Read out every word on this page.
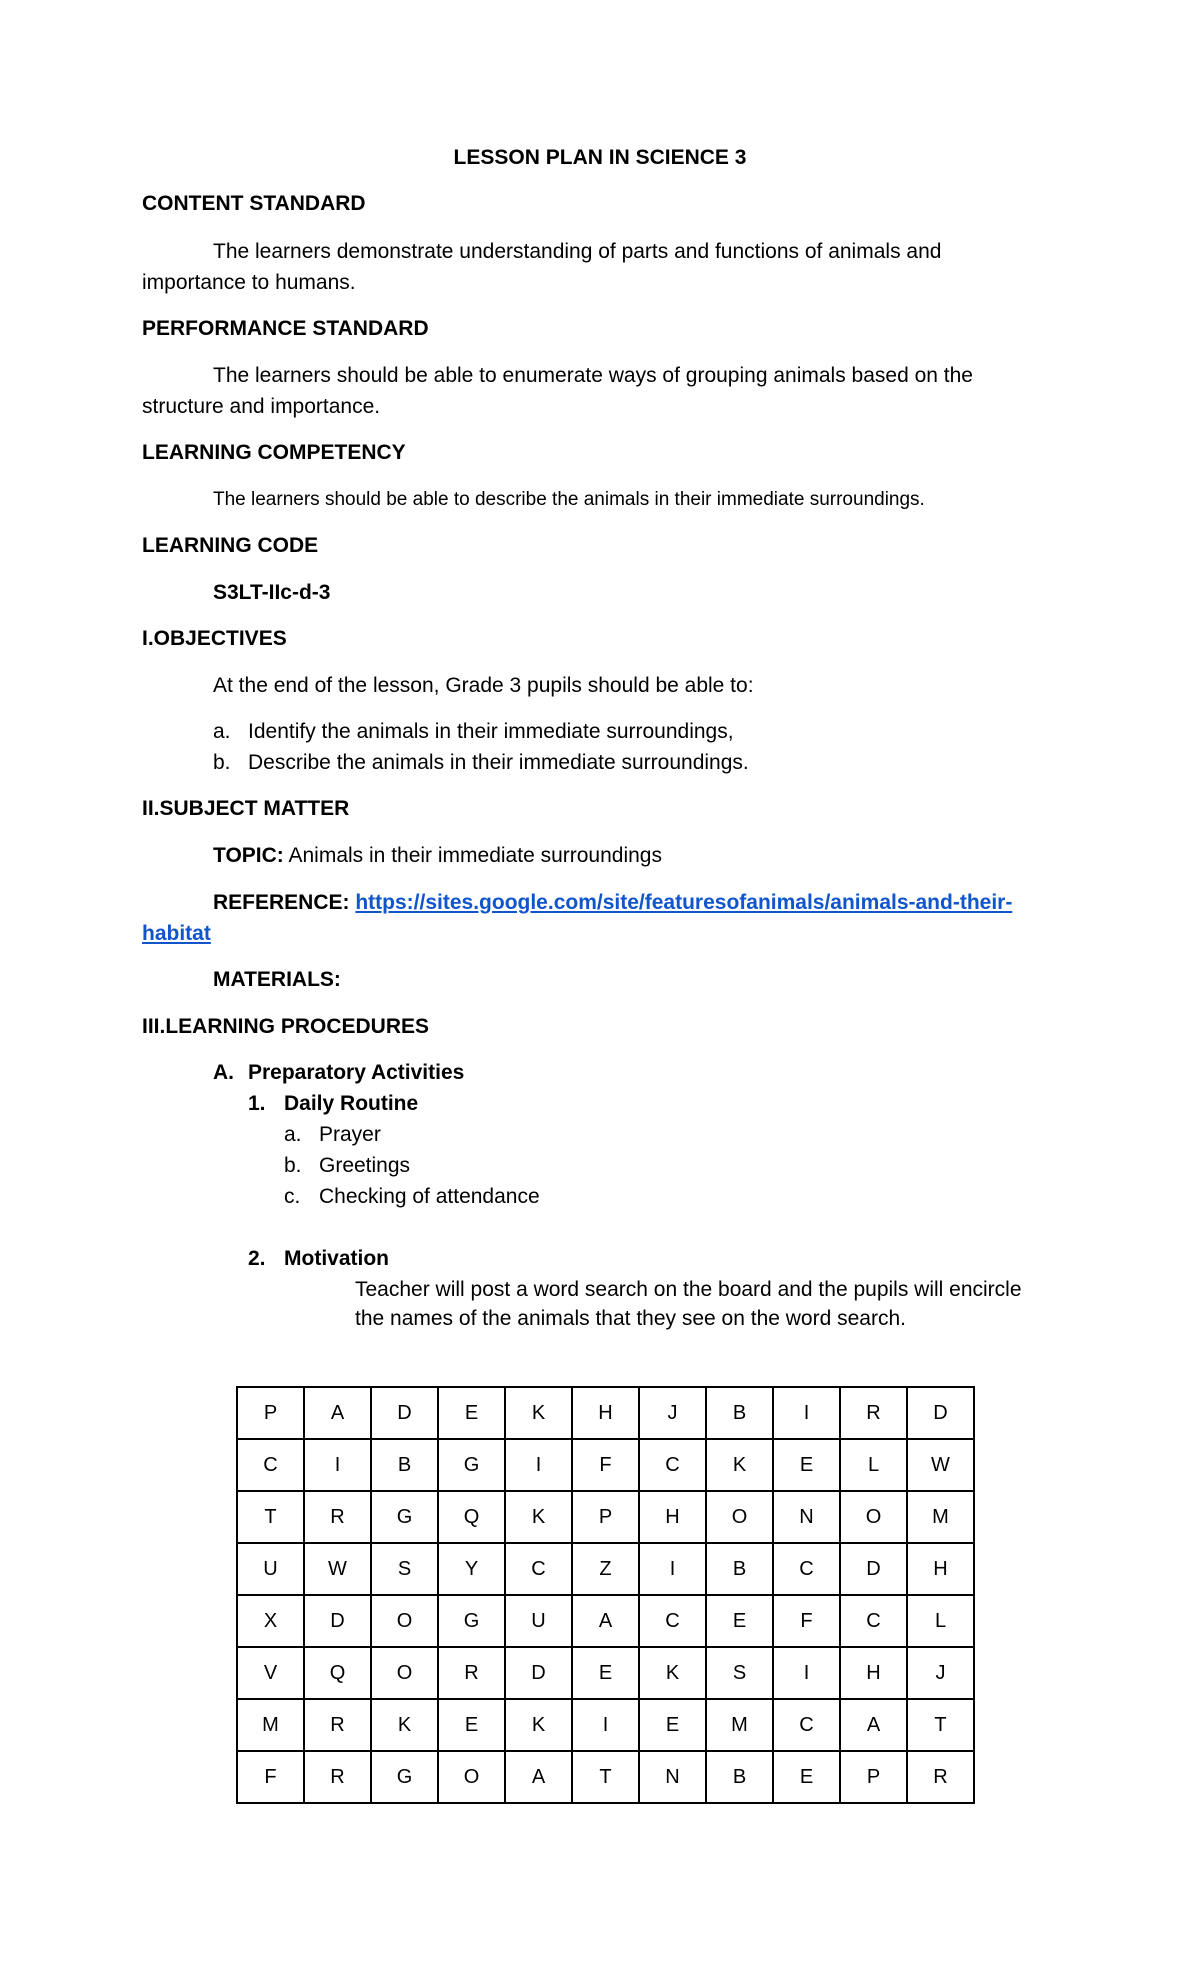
LESSON PLAN IN SCIENCE 3
CONTENT STANDARD
The learners demonstrate understanding of parts and functions of animals and
importance to humans.
PERFORMANCE STANDARD
The learners should be able to enumerate ways of grouping animals based on the
structure and importance.
LEARNING COMPETENCY
The learners should be able to describe the animals in their immediate surroundings.
LEARNING CODE
S3LT-IIc-d-3
I.OBJECTIVES
At the end of the lesson, Grade 3 pupils should be able to:
a. Identify the animals in their immediate surroundings,
b. Describe the animals in their immediate surroundings.
II.SUBJECT MATTER
TOPIC: Animals in their immediate surroundings
REFERENCE: https://sites.google.com/site/featuresofanimals/animals-and-their-
habitat
MATERIALS:
III.LEARNING PROCEDURES
A. Preparatory Activities
1. Daily Routine
a. Prayer
b. Greetings
c. Checking of attendance
2. Motivation
Teacher will post a word search on the board and the pupils will encircle
the names of the animals that they see on the word search.
P	A	D	E	K	H	J	B	I	R	D
C	I	B	G	I	F	C	K	E	L	W
T	R	G	Q	K	P	H	O	N	O	M
U	W	S	Y	C	Z	I	B	C	D	H
X	D	O	G	U	A	C	E	F	C	L
V	Q	O	R	D	E	K	S	I	H	J
M	R	K	E	K	I	E	M	C	A	T
F	R	G	O	A	T	N	B	E	P	R
